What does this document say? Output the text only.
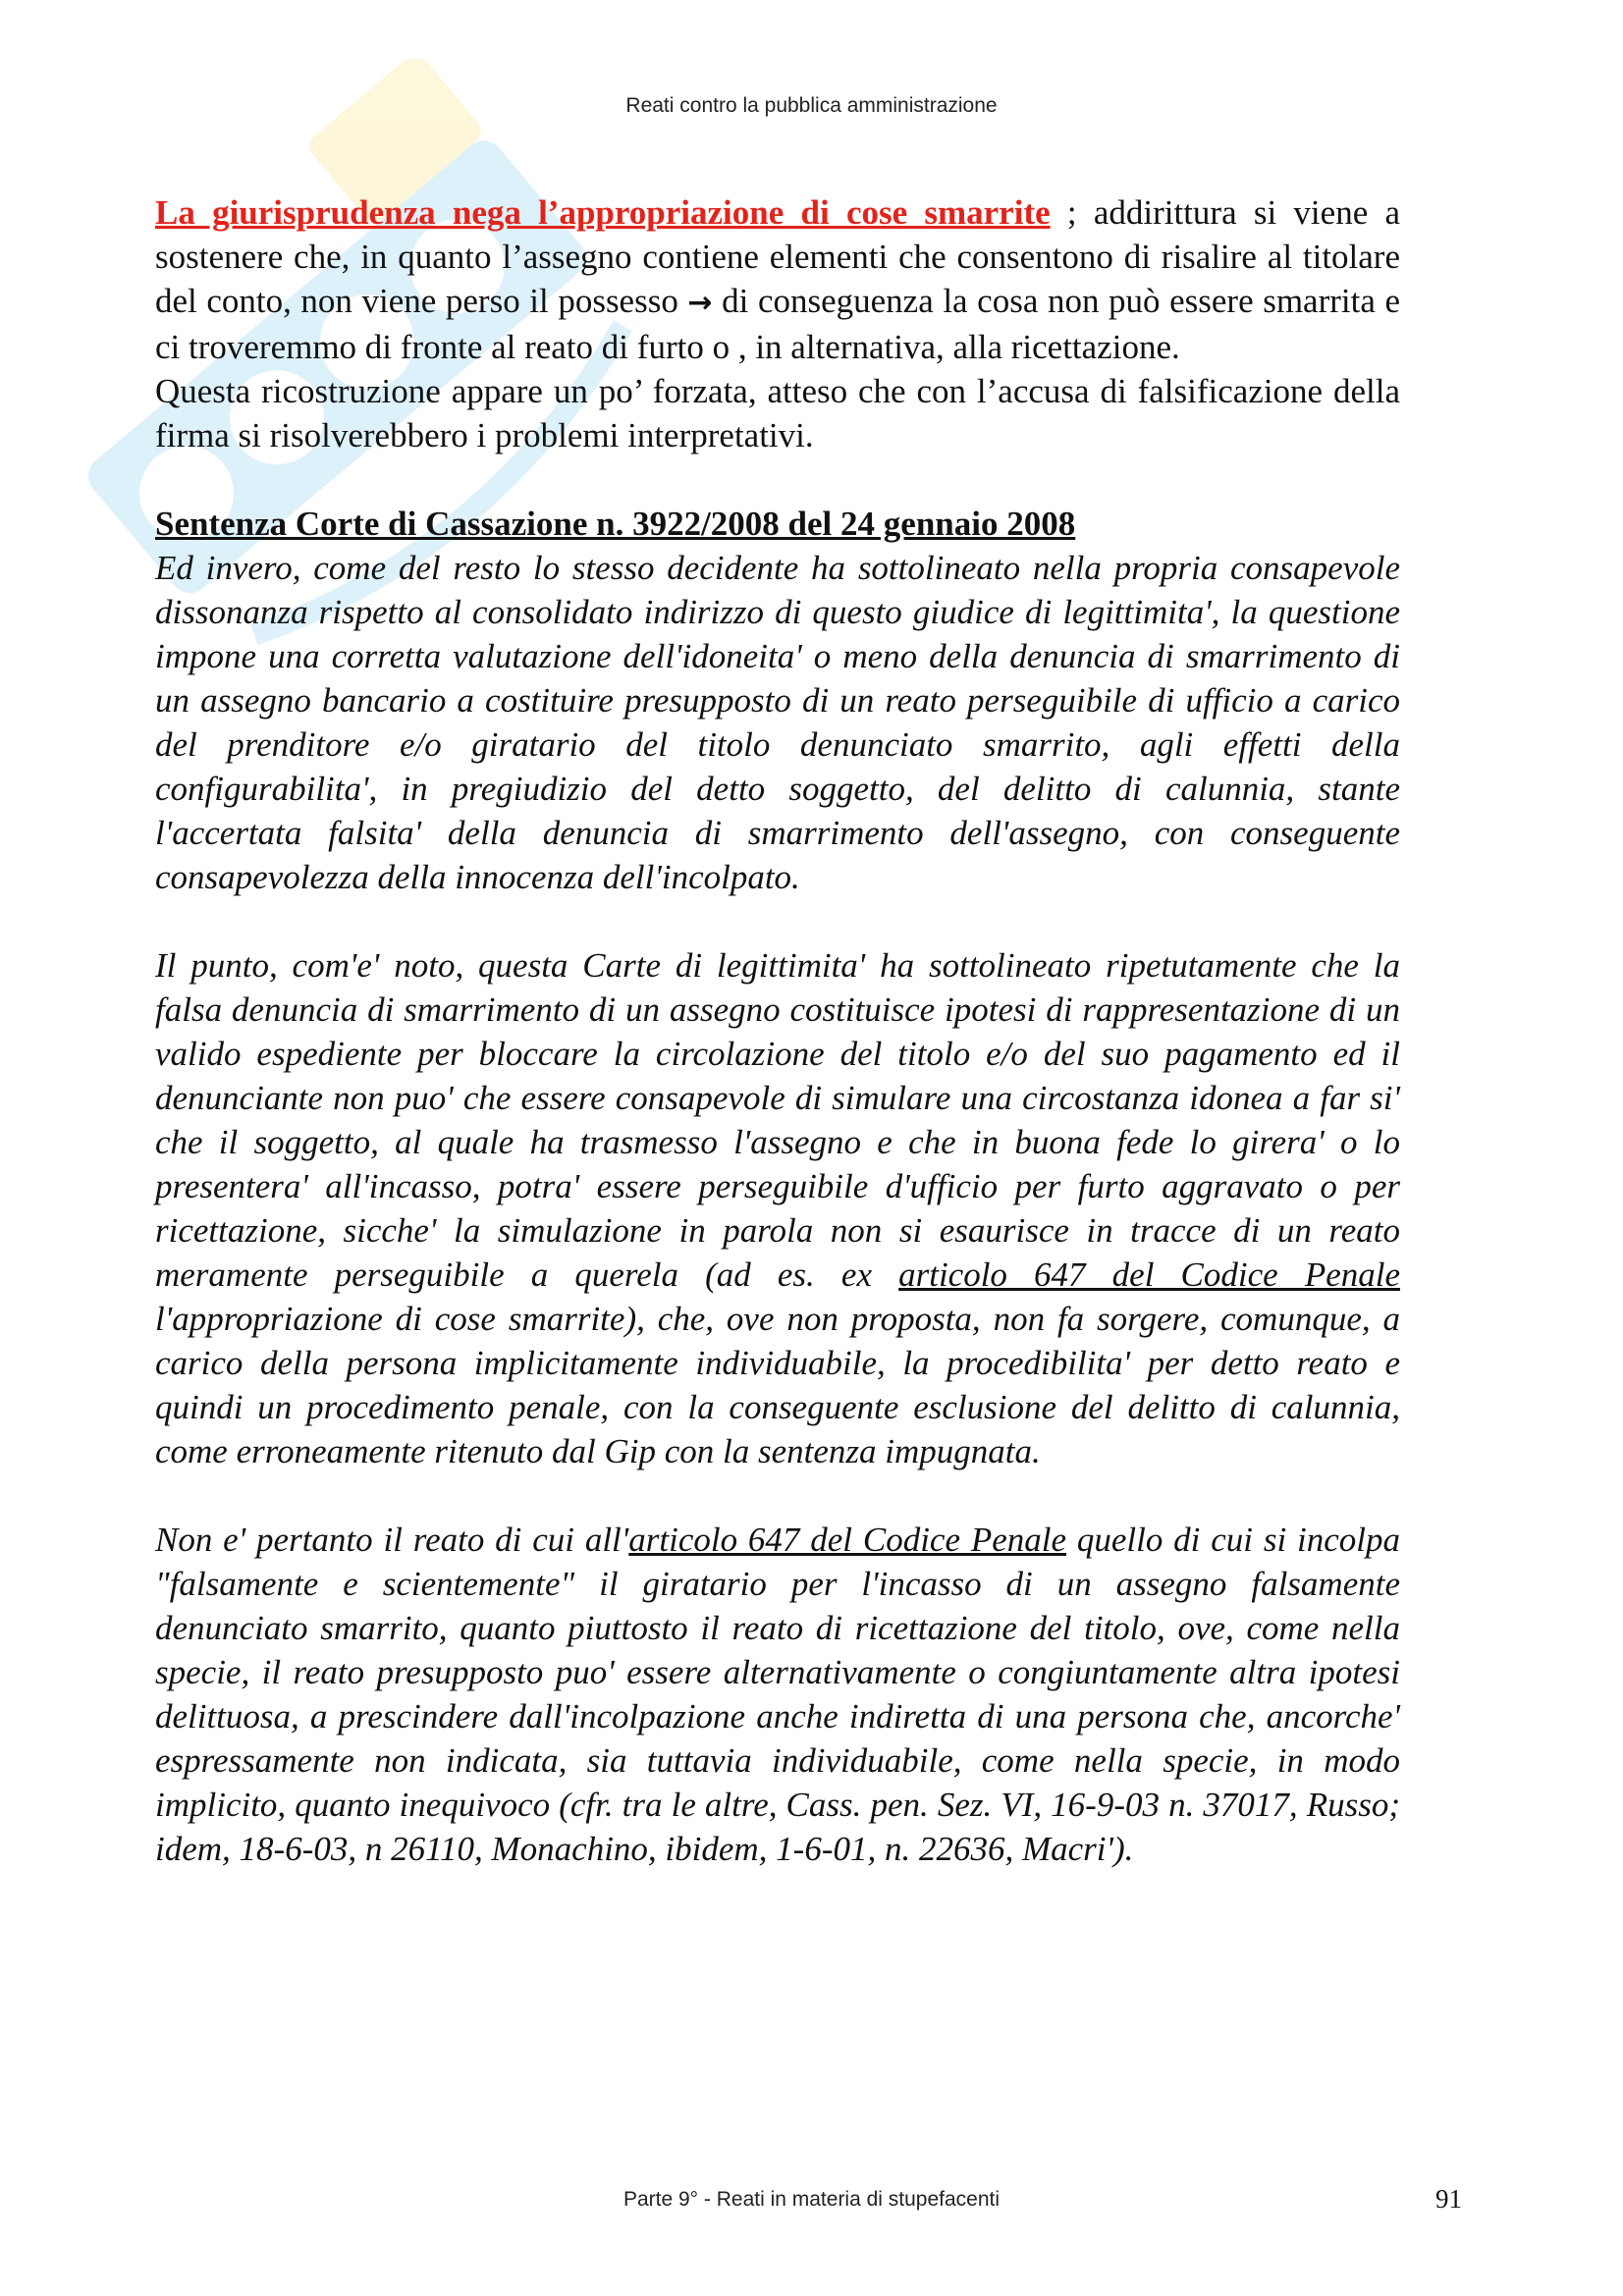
Reati contro la pubblica amministrazione

La giurisprudenza nega l’appropriazione di cose smarrite ; addirittura si viene a sostenere che, in quanto l’assegno contiene elementi che consentono di risalire al titolare del conto, non viene perso il possesso → di conseguenza la cosa non può essere smarrita e ci troveremmo di fronte al reato di furto o , in alternativa, alla ricettazione.

Questa ricostruzione appare un po’ forzata, atteso che con l’accusa di falsificazione della firma si risolverebbero i problemi interpretativi.

Sentenza Corte di Cassazione n. 3922/2008 del 24 gennaio 2008

Ed invero, come del resto lo stesso decidente ha sottolineato nella propria consapevole dissonanza rispetto al consolidato indirizzo di questo giudice di legittimita', la questione impone una corretta valutazione dell'idoneita' o meno della denuncia di smarrimento di un assegno bancario a costituire presupposto di un reato perseguibile di ufficio a carico del prenditore e/o giratario del titolo denunciato smarrito, agli effetti della configurabilita', in pregiudizio del detto soggetto, del delitto di calunnia, stante l'accertata falsita' della denuncia di smarrimento dell'assegno, con conseguente consapevolezza della innocenza dell'incolpato.

Il punto, com'e' noto, questa Carte di legittimita' ha sottolineato ripetutamente che la falsa denuncia di smarrimento di un assegno costituisce ipotesi di rappresentazione di un valido espediente per bloccare la circolazione del titolo e/o del suo pagamento ed il denunciante non puo' che essere consapevole di simulare una circostanza idonea a far si' che il soggetto, al quale ha trasmesso l'assegno e che in buona fede lo girera' o lo presentera' all'incasso, potra' essere perseguibile d'ufficio per furto aggravato o per ricettazione, sicche' la simulazione in parola non si esaurisce in tracce di un reato meramente perseguibile a querela (ad es. ex articolo 647 del Codice Penale l'appropriazione di cose smarrite), che, ove non proposta, non fa sorgere, comunque, a carico della persona implicitamente individuabile, la procedibilita' per detto reato e quindi un procedimento penale, con la conseguente esclusione del delitto di calunnia, come erroneamente ritenuto dal Gip con la sentenza impugnata.

Non e' pertanto il reato di cui all'articolo 647 del Codice Penale quello di cui si incolpa "falsamente e scientemente" il giratario per l'incasso di un assegno falsamente denunciato smarrito, quanto piuttosto il reato di ricettazione del titolo, ove, come nella specie, il reato presupposto puo' essere alternativamente o congiuntamente altra ipotesi delittuosa, a prescindere dall'incolpazione anche indiretta di una persona che, ancorche' espressamente non indicata, sia tuttavia individuabile, come nella specie, in modo implicito, quanto inequivoco (cfr. tra le altre, Cass. pen. Sez. VI, 16-9-03 n. 37017, Russo; idem, 18-6-03, n 26110, Monachino, ibidem, 1-6-01, n. 22636, Macri').

Parte 9° - Reati in materia di stupefacenti	91
